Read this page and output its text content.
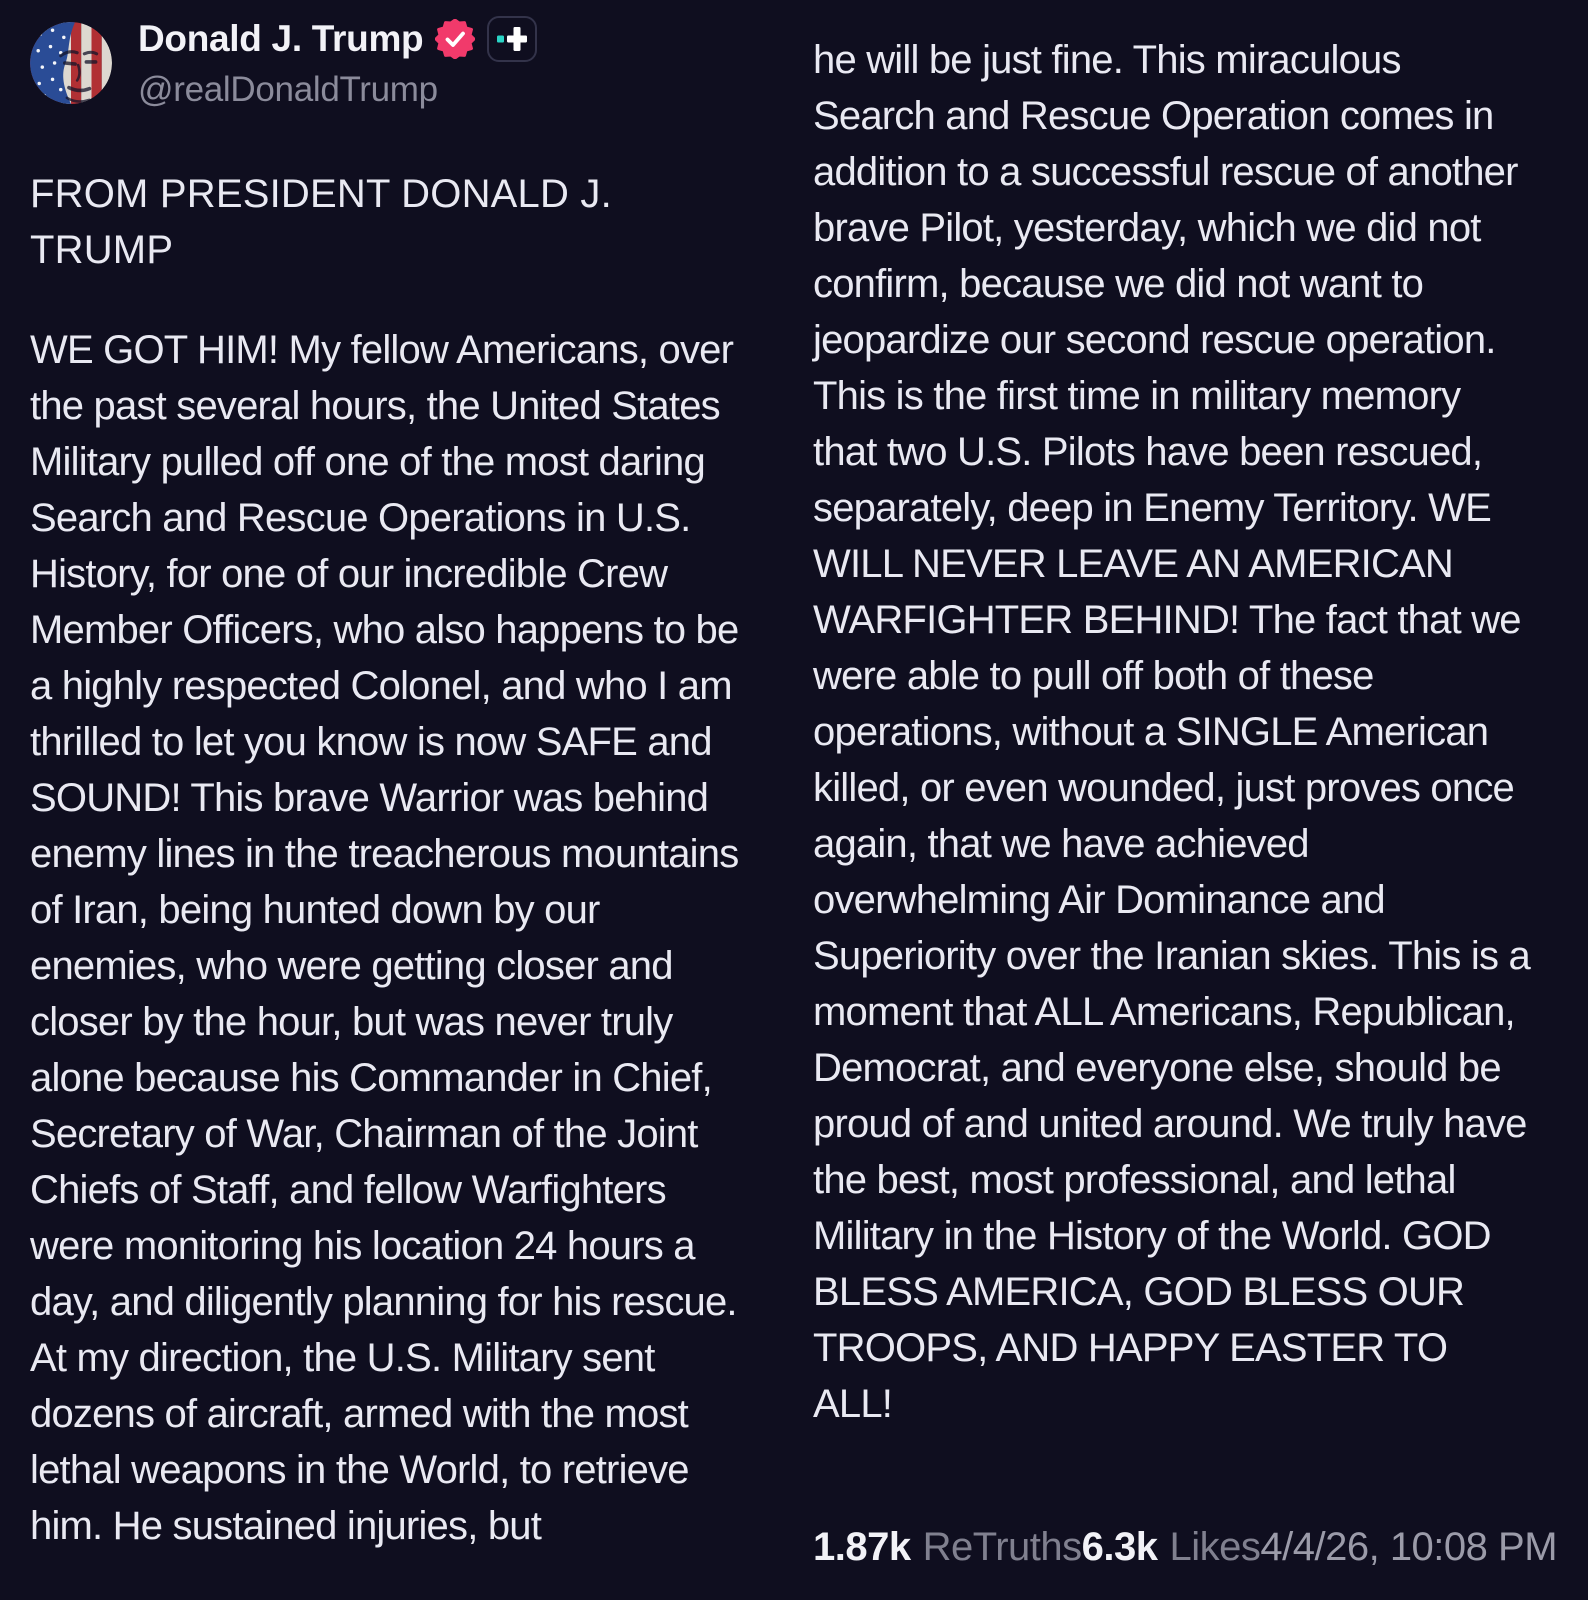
Donald J. Trump
@realDonaldTrump

FROM PRESIDENT DONALD J. TRUMP

WE GOT HIM! My fellow Americans, over the past several hours, the United States Military pulled off one of the most daring Search and Rescue Operations in U.S. History, for one of our incredible Crew Member Officers, who also happens to be a highly respected Colonel, and who I am thrilled to let you know is now SAFE and SOUND! This brave Warrior was behind enemy lines in the treacherous mountains of Iran, being hunted down by our enemies, who were getting closer and closer by the hour, but was never truly alone because his Commander in Chief, Secretary of War, Chairman of the Joint Chiefs of Staff, and fellow Warfighters were monitoring his location 24 hours a day, and diligently planning for his rescue. At my direction, the U.S. Military sent dozens of aircraft, armed with the most lethal weapons in the World, to retrieve him. He sustained injuries, but

he will be just fine. This miraculous Search and Rescue Operation comes in addition to a successful rescue of another brave Pilot, yesterday, which we did not confirm, because we did not want to jeopardize our second rescue operation. This is the first time in military memory that two U.S. Pilots have been rescued, separately, deep in Enemy Territory. WE WILL NEVER LEAVE AN AMERICAN WARFIGHTER BEHIND! The fact that we were able to pull off both of these operations, without a SINGLE American killed, or even wounded, just proves once again, that we have achieved overwhelming Air Dominance and Superiority over the Iranian skies. This is a moment that ALL Americans, Republican, Democrat, and everyone else, should be proud of and united around. We truly have the best, most professional, and lethal Military in the History of the World. GOD BLESS AMERICA, GOD BLESS OUR TROOPS, AND HAPPY EASTER TO ALL!

1.87k ReTruths 6.3k Likes 4/4/26, 10:08 PM
